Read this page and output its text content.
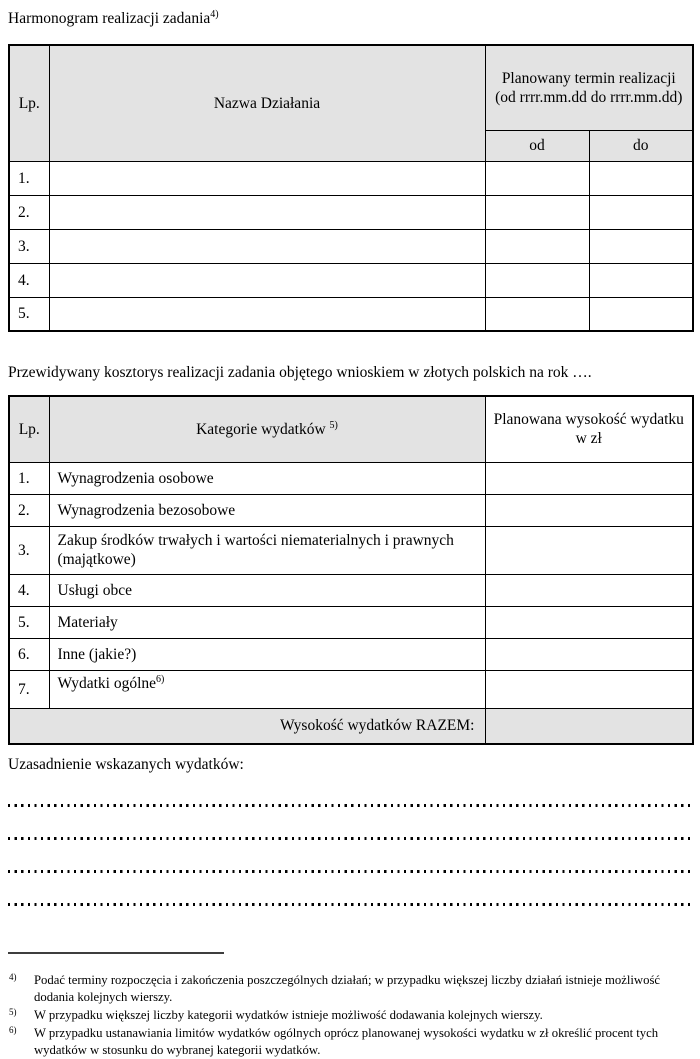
Harmonogram realizacji zadania$^{4)}$
Lp.	Nazwa Działania	Planowany termin realizacji (od rrrr.mm.dd do rrrr.mm.dd)	
		od	do
1.			
2.			
3.			
4.			
5.			
Przewidywany kosztorys realizacji zadania objętego wnioskiem w złotych polskich na rok ….
Lp.	Kategorie wydatków $^{5)}$	Planowana wysokość wydatku w zł
1.	Wynagrodzenia osobowe	
2.	Wynagrodzenia bezosobowe	
3.	Zakup środków trwałych i wartości niematerialnych i prawnych (majątkowe)	
4.	Usługi obce	
5.	Materiały	
6.	Inne (jakie?)	
7.	Wydatki ogólne$^{6)}$	
Wysokość wydatków RAZEM:		
Uzasadnienie wskazanych wydatków:
4)	Podać terminy rozpoczęcia i zakończenia poszczególnych działań; w przypadku większej liczby działań istnieje możliwość dodania kolejnych wierszy.
5)	W przypadku większej liczby kategorii wydatków istnieje możliwość dodawania kolejnych wierszy.
6)	W przypadku ustanawiania limitów wydatków ogólnych oprócz planowanej wysokości wydatku w zł określić procent tych wydatków w stosunku do wybranej kategorii wydatków.
